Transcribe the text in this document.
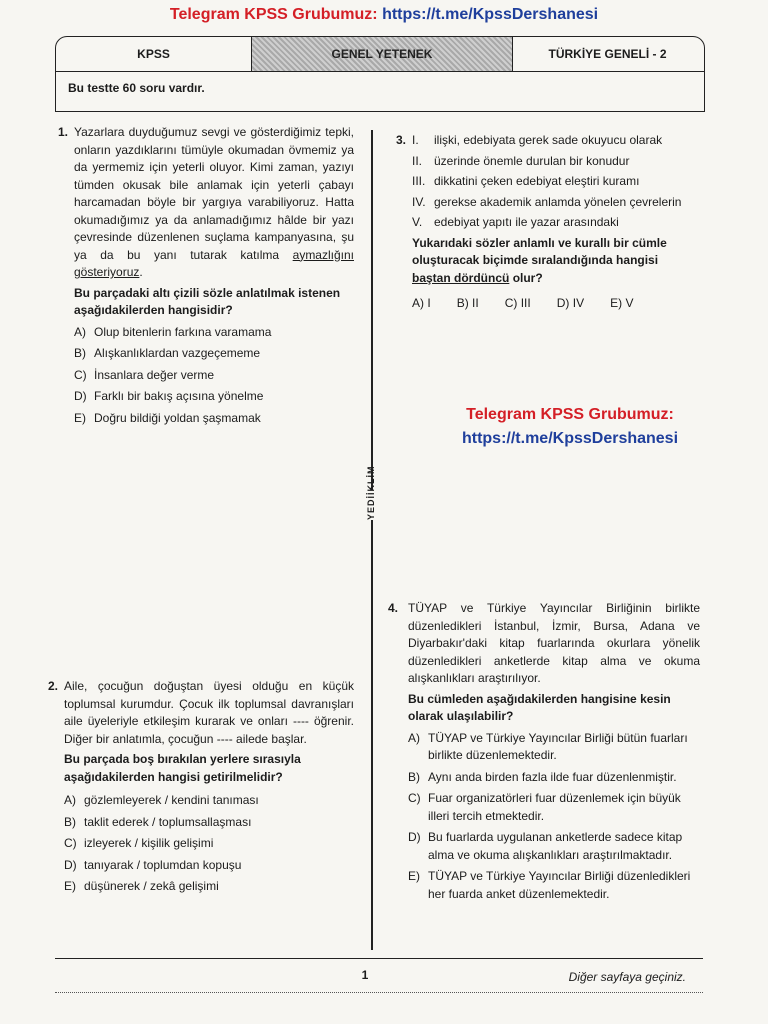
Telegram KPSS Grubumuz: https://t.me/KpssDershanesi
KPSS	GENEL YETENEK	TÜRKİYE GENELİ - 2
Bu testte 60 soru vardır.
YEDİİKLİM
1. Yazarlara duyduğumuz sevgi ve gösterdiğimiz tepki, onların yazdıklarını tümüyle okumadan övmemiz ya da yermemiz için yeterli oluyor. Kimi zaman, yazıyı tümden okusak bile anlamak için yeterli çabayı harcamadan böyle bir yargıya varabiliyoruz. Hatta okumadığımız ya da anlamadığımız hâlde bir yazı çevresinde düzenlenen suçlama kampanyasına, şu ya da bu yanı tutarak katılma aymazlığını gösteriyoruz.
Bu parçadaki altı çizili sözle anlatılmak istenen aşağıdakilerden hangisidir?
A) Olup bitenlerin farkına varamama
B) Alışkanlıklardan vazgeçememe
C) İnsanlara değer verme
D) Farklı bir bakış açısına yönelme
E) Doğru bildiği yoldan şaşmamak
2. Aile, çocuğun doğuştan üyesi olduğu en küçük toplumsal kurumdur. Çocuk ilk toplumsal davranışları aile üyeleriyle etkileşim kurarak ve onları ---- öğrenir. Diğer bir anlatımla, çocuğun ---- ailede başlar.
Bu parçada boş bırakılan yerlere sırasıyla aşağıdakilerden hangisi getirilmelidir?
A) gözlemleyerek / kendini tanıması
B) taklit ederek / toplumsallaşması
C) izleyerek / kişilik gelişimi
D) tanıyarak / toplumdan kopuşu
E) düşünerek / zekâ gelişimi
3. I.	ilişki, edebiyata gerek sade okuyucu olarak
II. üzerinde önemle durulan bir konudur
III. dikkatini çeken edebiyat eleştiri kuramı
IV. gerekse akademik anlamda yönelen çevrelerin
V. edebiyat yapıtı ile yazar arasındaki
Yukarıdaki sözler anlamlı ve kurallı bir cümle oluşturacak biçimde sıralandığında hangisi baştan dördüncü olur?
A) I B) II C) III D) IV E) V
Telegram KPSS Grubumuz:
https://t.me/KpssDershanesi
4. TÜYAP ve Türkiye Yayıncılar Birliğinin birlikte düzenledikleri İstanbul, İzmir, Bursa, Adana ve Diyarbakır'daki kitap fuarlarında okurlara yönelik düzenledikleri anketlerde kitap alma ve okuma alışkanlıkları araştırılıyor.
Bu cümleden aşağıdakilerden hangisine kesin olarak ulaşılabilir?
A) TÜYAP ve Türkiye Yayıncılar Birliği bütün fuarları birlikte düzenlemektedir.
B) Aynı anda birden fazla ilde fuar düzenlenmiştir.
C) Fuar organizatörleri fuar düzenlemek için büyük illeri tercih etmektedir.
D) Bu fuarlarda uygulanan anketlerde sadece kitap alma ve okuma alışkanlıkları araştırılmaktadır.
E) TÜYAP ve Türkiye Yayıncılar Birliği düzenledikleri her fuarda anket düzenlemektedir.
1	Diğer sayfaya geçiniz.
